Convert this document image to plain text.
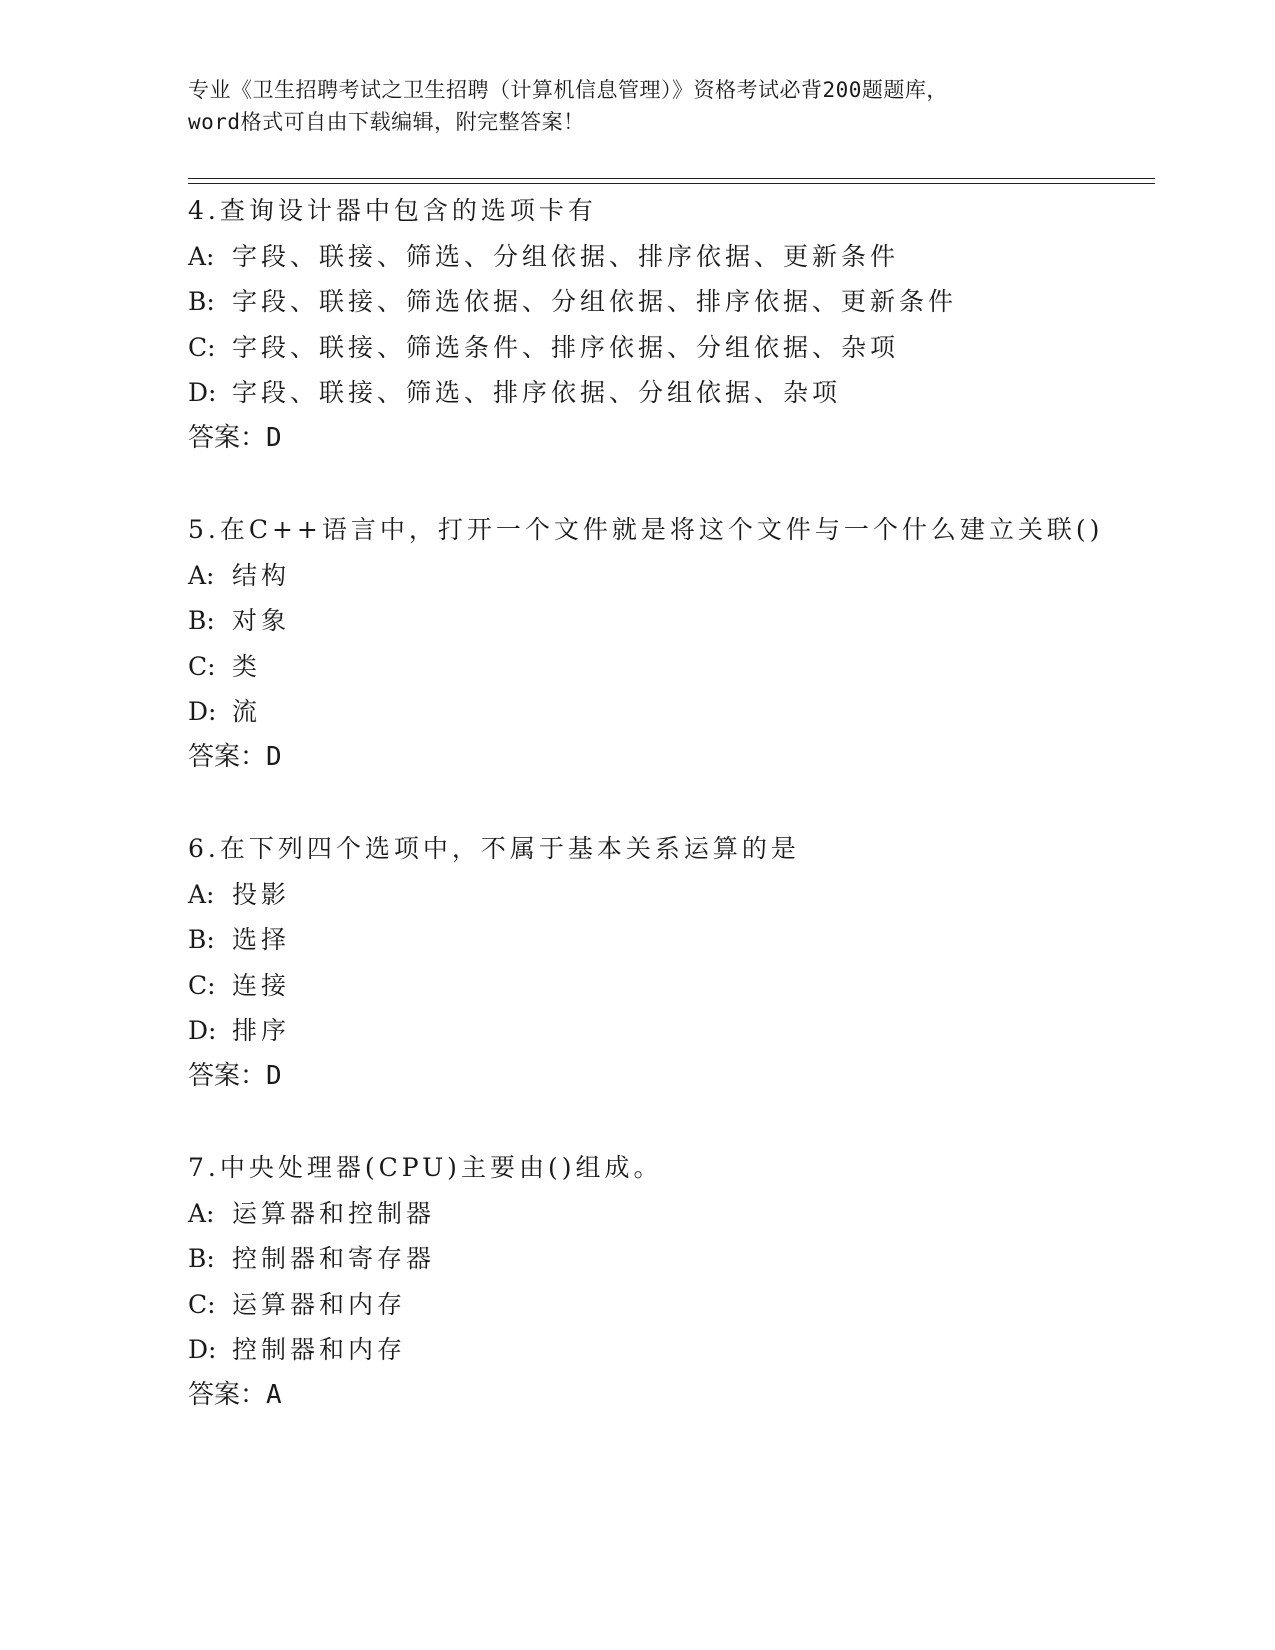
专业《卫生招聘考试之卫生招聘（计算机信息管理）》资格考试必背200题题库，
word格式可自由下载编辑，附完整答案！
4.查询设计器中包含的选项卡有
A: 字段、联接、筛选、分组依据、排序依据、更新条件
B: 字段、联接、筛选依据、分组依据、排序依据、更新条件
C: 字段、联接、筛选条件、排序依据、分组依据、杂项
D: 字段、联接、筛选、排序依据、分组依据、杂项
答案：D
5.在C++语言中，打开一个文件就是将这个文件与一个什么建立关联()
A: 结构
B: 对象
C: 类
D: 流
答案：D
6.在下列四个选项中，不属于基本关系运算的是
A: 投影
B: 选择
C: 连接
D: 排序
答案：D
7.中央处理器(CPU)主要由()组成。
A: 运算器和控制器
B: 控制器和寄存器
C: 运算器和内存
D: 控制器和内存
答案：A
